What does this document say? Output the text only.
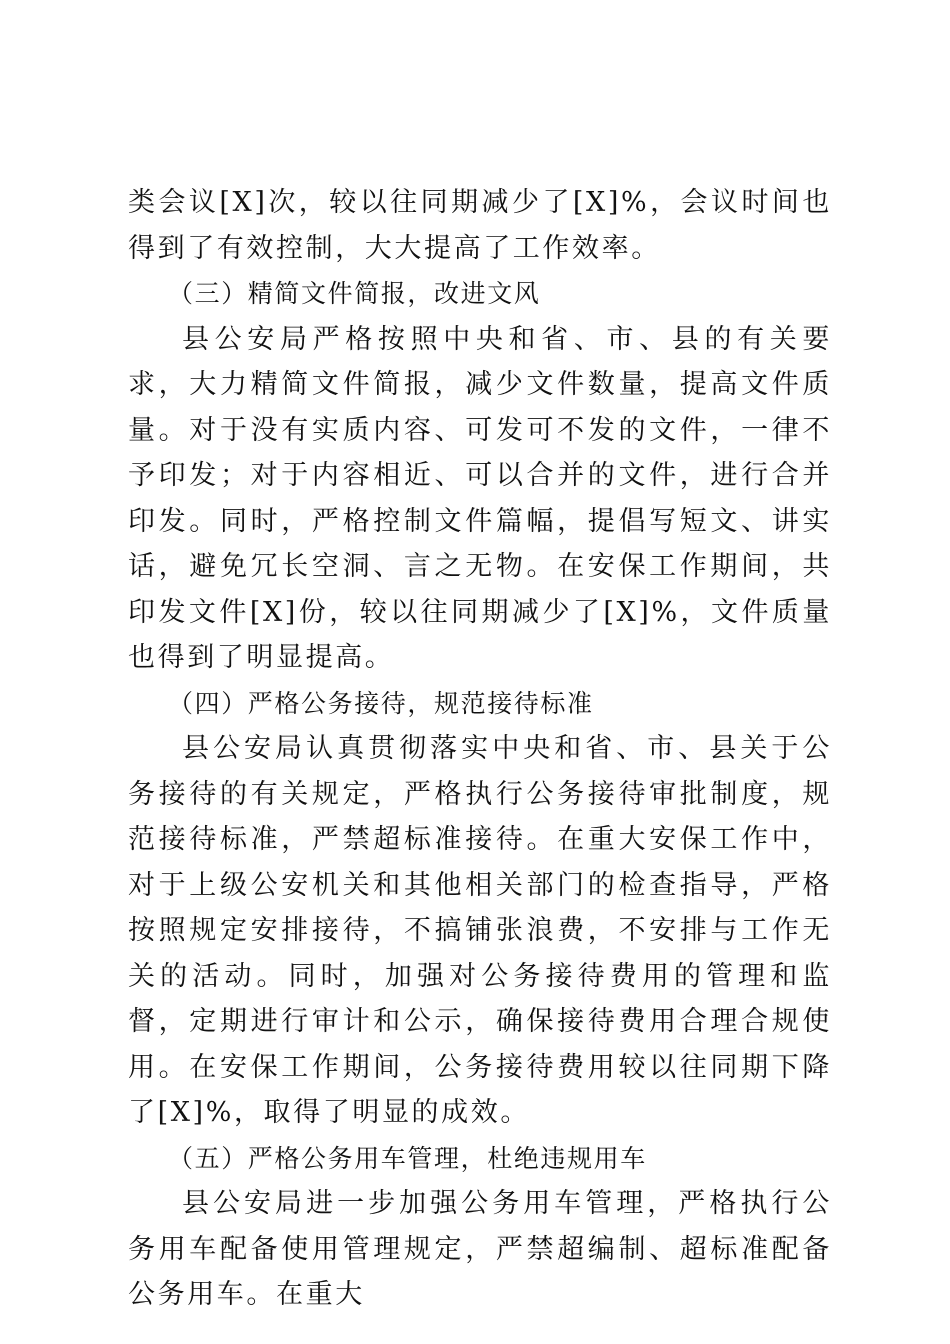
类会议[X]次，较以往同期减少了[X]%，会议时间也得到了有效控制，大大提高了工作效率。

（三）精简文件简报，改进文风

县公安局严格按照中央和省、市、县的有关要求，大力精简文件简报，减少文件数量，提高文件质量。对于没有实质内容、可发可不发的文件，一律不予印发；对于内容相近、可以合并的文件，进行合并印发。同时，严格控制文件篇幅，提倡写短文、讲实话，避免冗长空洞、言之无物。在安保工作期间，共印发文件[X]份，较以往同期减少了[X]%，文件质量也得到了明显提高。

（四）严格公务接待，规范接待标准

县公安局认真贯彻落实中央和省、市、县关于公务接待的有关规定，严格执行公务接待审批制度，规范接待标准，严禁超标准接待。在重大安保工作中，对于上级公安机关和其他相关部门的检查指导，严格按照规定安排接待，不搞铺张浪费，不安排与工作无关的活动。同时，加强对公务接待费用的管理和监督，定期进行审计和公示，确保接待费用合理合规使用。在安保工作期间，公务接待费用较以往同期下降了[X]%，取得了明显的成效。

（五）严格公务用车管理，杜绝违规用车

县公安局进一步加强公务用车管理，严格执行公务用车配备使用管理规定，严禁超编制、超标准配备公务用车。在重大
